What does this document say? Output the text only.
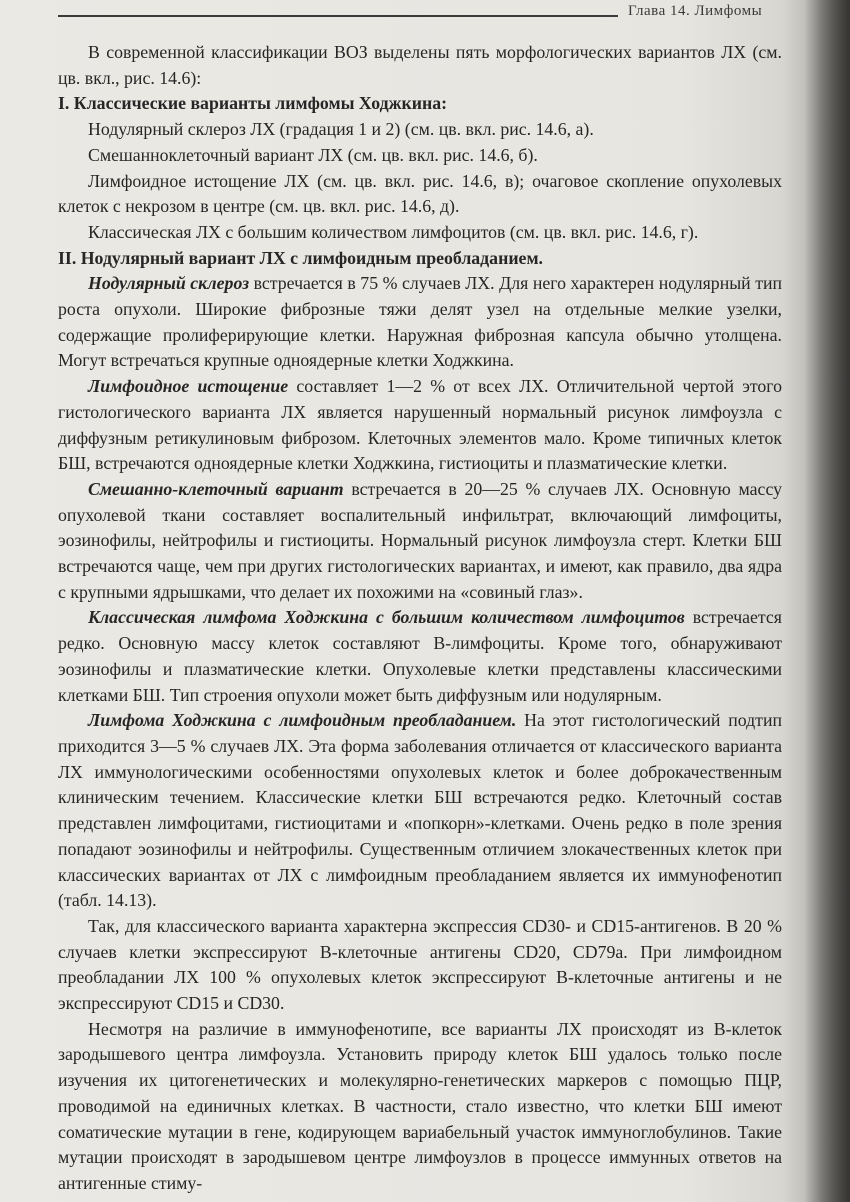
Глава 14. Лимфомы

В современной классификации ВОЗ выделены пять морфологических вариантов ЛХ (см. цв. вкл., рис. 14.6):

I. Классические варианты лимфомы Ходжкина:

Нодулярный склероз ЛХ (градация 1 и 2) (см. цв. вкл. рис. 14.6, а).

Смешанноклеточный вариант ЛХ (см. цв. вкл. рис. 14.6, б).

Лимфоидное истощение ЛХ (см. цв. вкл. рис. 14.6, в); очаговое скопление опухолевых клеток с некрозом в центре (см. цв. вкл. рис. 14.6, д).

Классическая ЛХ с большим количеством лимфоцитов (см. цв. вкл. рис. 14.6, г).

II. Нодулярный вариант ЛХ с лимфоидным преобладанием.

Нодулярный склероз встречается в 75 % случаев ЛХ. Для него характерен нодулярный тип роста опухоли. Широкие фиброзные тяжи делят узел на отдельные мелкие узелки, содержащие пролиферирующие клетки. Наружная фиброзная капсула обычно утолщена. Могут встречаться крупные одноядерные клетки Ходжкина.

Лимфоидное истощение составляет 1—2 % от всех ЛХ. Отличительной чертой этого гистологического варианта ЛХ является нарушенный нормальный рисунок лимфоузла с диффузным ретикулиновым фиброзом. Клеточных элементов мало. Кроме типичных клеток БШ, встречаются одноядерные клетки Ходжкина, гистиоциты и плазматические клетки.

Смешанно-клеточный вариант встречается в 20—25 % случаев ЛХ. Основную массу опухолевой ткани составляет воспалительный инфильтрат, включающий лимфоциты, эозинофилы, нейтрофилы и гистиоциты. Нормальный рисунок лимфоузла стерт. Клетки БШ встречаются чаще, чем при других гистологических вариантах, и имеют, как правило, два ядра с крупными ядрышками, что делает их похожими на «совиный глаз».

Классическая лимфома Ходжкина с большим количеством лимфоцитов встречается редко. Основную массу клеток составляют В-лимфоциты. Кроме того, обнаруживают эозинофилы и плазматические клетки. Опухолевые клетки представлены классическими клетками БШ. Тип строения опухоли может быть диффузным или нодулярным.

Лимфома Ходжкина с лимфоидным преобладанием. На этот гистологический подтип приходится 3—5 % случаев ЛХ. Эта форма заболевания отличается от классического варианта ЛХ иммунологическими особенностями опухолевых клеток и более доброкачественным клиническим течением. Классические клетки БШ встречаются редко. Клеточный состав представлен лимфоцитами, гистиоцитами и «попкорн»-клетками. Очень редко в поле зрения попадают эозинофилы и нейтрофилы. Существенным отличием злокачественных клеток при классических вариантах от ЛХ с лимфоидным преобладанием является их иммунофенотип (табл. 14.13).

Так, для классического варианта характерна экспрессия CD30- и CD15-антигенов. В 20 % случаев клетки экспрессируют В-клеточные антигены CD20, CD79a. При лимфоидном преобладании ЛХ 100 % опухолевых клеток экспрессируют В-клеточные антигены и не экспрессируют CD15 и CD30.

Несмотря на различие в иммунофенотипе, все варианты ЛХ происходят из В-клеток зародышевого центра лимфоузла. Установить природу клеток БШ удалось только после изучения их цитогенетических и молекулярно-генетических маркеров с помощью ПЦР, проводимой на единичных клетках. В частности, стало известно, что клетки БШ имеют соматические мутации в гене, кодирующем вариабельный участок иммуноглобулинов. Такие мутации происходят в зародышевом центре лимфоузлов в процессе иммунных ответов на антигенные стиму-
